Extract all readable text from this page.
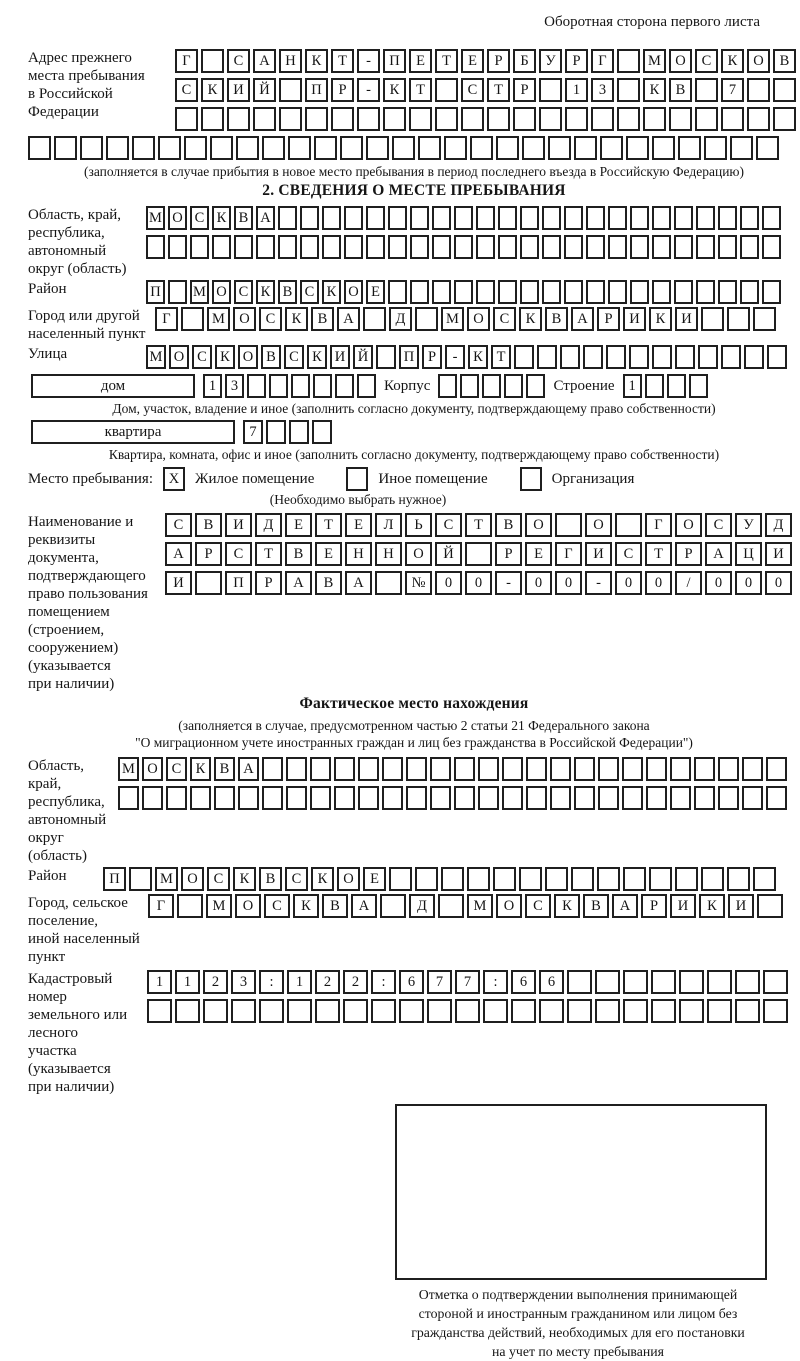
Оборотная сторона первого листа
Адрес прежнего
места пребывания
в Российской
Федерации
Г	С	А	Н	К	Т	-	П	Е	Т	Е	Р	Б	У	Р	Г	М О	С	К	О	В
С	К	И	Й	П	Р	-	К	Т	С	Т	Р	1	3	К	В	7
(заполняется в случае прибытия в новое место пребывания в период последнего въезда в Российскую Федерацию)
2. СВЕДЕНИЯ О МЕСТЕ ПРЕБЫВАНИЯ
Область, край,
республика,
автономный
округ (область)
М О С К В А
Район	П М О С К В С К О Е
Город или другой
населенный пункт
Г	М О	С	К	В	А	Д	М О	С	К	В	А	Р	И	К	И
Улица	М О С К О В С К И Й	П Р	-	К Т
дом	1	3	Корпус	Строение 1
Дом, участок, владение и иное (заполнить согласно документу, подтверждающему право собственности)
квартира	7
Квартира, комната, офис и иное (заполнить согласно документу, подтверждающему право собственности)
Место пребывания:	X	Жилое помещение	Иное помещение	Организация
(Необходимо выбрать нужное)
Наименование и реквизиты
документа, подтверждающего
право пользования
помещением (строением,
сооружением) (указывается
при наличии)
С	В	И	Д	Е	Т	Е	Л	Ь	С	Т	В	О	О	Г	О	С	У	Д
А	Р	С	Т	В	Е	Н	Н	О	Й	Р	Е	Г	И	С	Т	Р	А	Ц	И
И	П	Р	А	В	А	№	0	0	-	0	0	-	0	0	/	0	0	0
Фактическое место нахождения
(заполняется в случае, предусмотренном частью 2 статьи 21 Федерального закона
"О миграционном учете иностранных граждан и лиц без гражданства в Российской Федерации")
Область, край,
республика,
автономный округ
(область)
М О С К В А
Район	П	М О	С	К	В	С	К	О	Е
Город, сельское поселение,
иной населенный пункт
Г	М	О	С	К	В	А	Д	М	О	С	К	В	А	Р	И	К	И
Кадастровый номер
земельного или лесного
участка (указывается
при наличии)
1	1	2	3	:	1	2	2	:	6	7	7	:	6	6
Отметка о подтверждении выполнения принимающей
стороной и иностранным гражданином или лицом без
гражданства действий, необходимых для его постановки
на учет по месту пребывания
